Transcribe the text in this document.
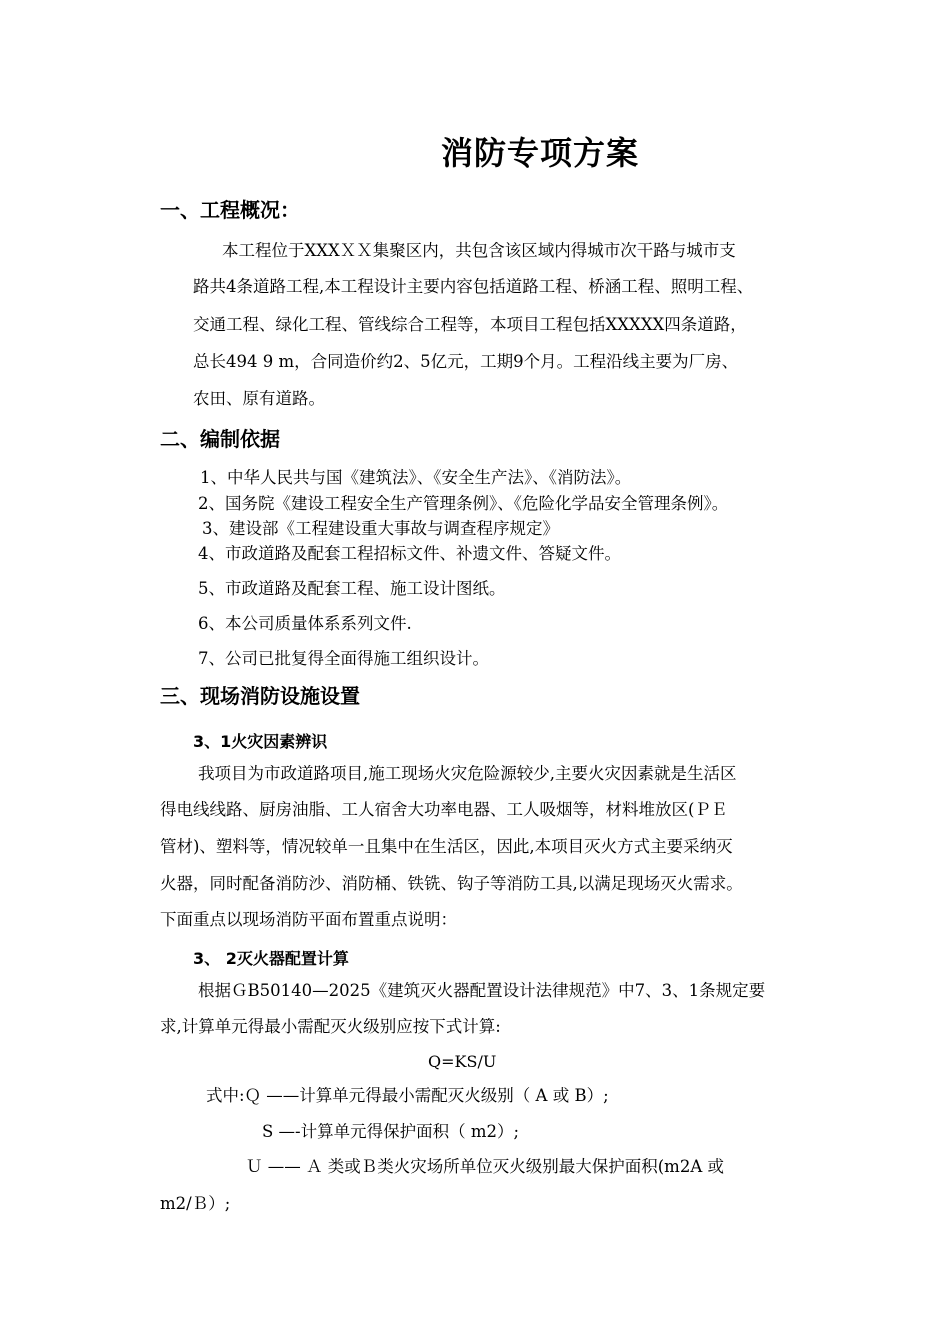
消防专项方案
一、工程概况：
本工程位于XXXＸＸ集聚区内，共包含该区域内得城市次干路与城市支
路共4条道路工程,本工程设计主要内容包括道路工程、桥涵工程、照明工程、
交通工程、绿化工程、管线综合工程等，本项目工程包括XXXXX四条道路，
总长494 9 m，合同造价约2、5亿元，工期9个月。工程沿线主要为厂房、
农田、原有道路。
二、编制依据
1、中华人民共与国《建筑法》、《安全生产法》、《消防法》。
2、国务院《建设工程安全生产管理条例》、《危险化学品安全管理条例》。
3、建设部《工程建设重大事故与调查程序规定》
4、市政道路及配套工程招标文件、补遗文件、答疑文件。
5、市政道路及配套工程、施工设计图纸。
6、本公司质量体系系列文件.
7、公司已批复得全面得施工组织设计。
三、现场消防设施设置
3、1火灾因素辨识
我项目为市政道路项目,施工现场火灾危险源较少,主要火灾因素就是生活区
得电线线路、厨房油脂、工人宿舍大功率电器、工人吸烟等，材料堆放区(ＰＥ
管材)、塑料等，情况较单一且集中在生活区，因此,本项目灭火方式主要采纳灭
火器，同时配备消防沙、消防桶、铁铣、钩子等消防工具,以满足现场灭火需求。
下面重点以现场消防平面布置重点说明：
3、 2灭火器配置计算
根据ＧB50140—2025《建筑灭火器配置设计法律规范》中7、3、1条规定要
求,计算单元得最小需配灭火级别应按下式计算:
Q=KS/U
式中:Ｑ ——计算单元得最小需配灭火级别（ A 或 B）;
S —-计算单元得保护面积（ m2）;
Ｕ —— Ａ 类或Ｂ类火灾场所单位灭火级别最大保护面积(m2A 或
m2/Ｂ）;
